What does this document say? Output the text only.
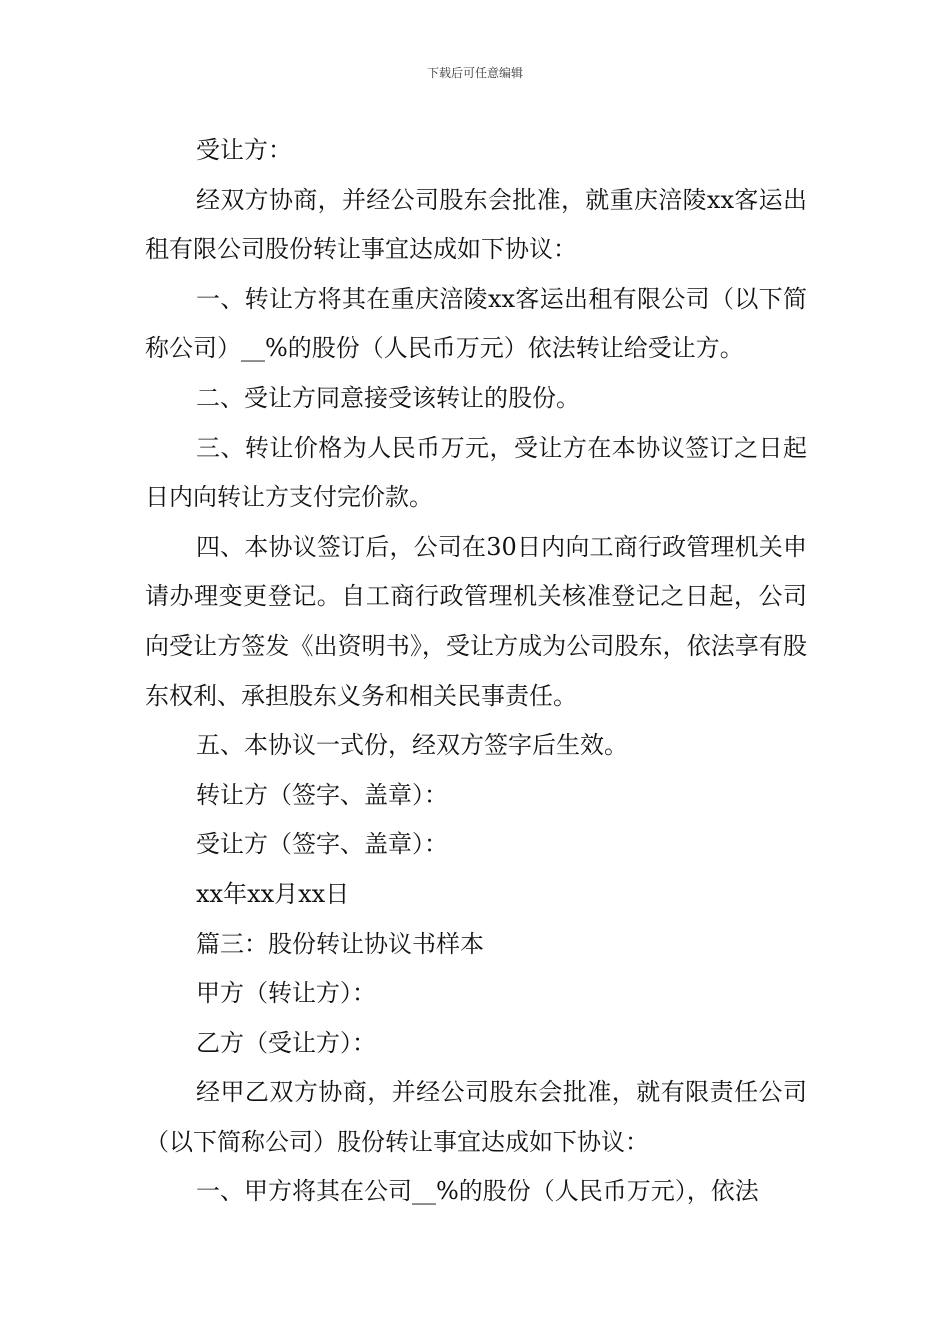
下载后可任意编辑

受让方：

经双方协商，并经公司股东会批准，就重庆涪陵xx客运出租有限公司股份转让事宜达成如下协议：

一、转让方将其在重庆涪陵xx客运出租有限公司（以下简称公司）__%的股份（人民币万元）依法转让给受让方。

二、受让方同意接受该转让的股份。

三、转让价格为人民币万元，受让方在本协议签订之日起日内向转让方支付完价款。

四、本协议签订后，公司在30日内向工商行政管理机关申请办理变更登记。自工商行政管理机关核准登记之日起，公司向受让方签发《出资明书》，受让方成为公司股东，依法享有股东权利、承担股东义务和相关民事责任。

五、本协议一式份，经双方签字后生效。

转让方（签字、盖章）：

受让方（签字、盖章）：

xx年xx月xx日

篇三：股份转让协议书样本

甲方（转让方）：

乙方（受让方）：

经甲乙双方协商，并经公司股东会批准，就有限责任公司（以下简称公司）股份转让事宜达成如下协议：

一、甲方将其在公司__%的股份（人民币万元），依法
